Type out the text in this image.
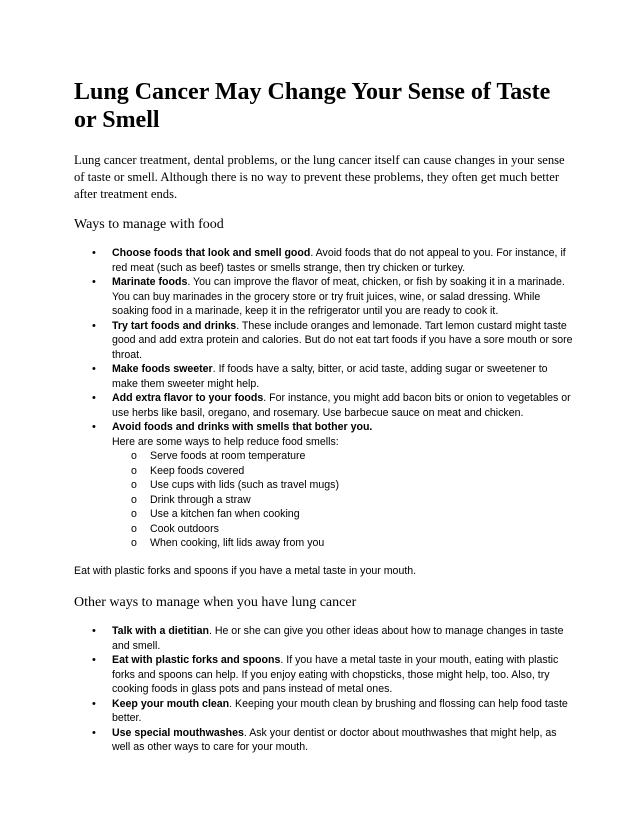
Lung Cancer May Change Your Sense of Taste or Smell

Lung cancer treatment, dental problems, or the lung cancer itself can cause changes in your sense of taste or smell. Although there is no way to prevent these problems, they often get much better after treatment ends.

Ways to manage with food
• Choose foods that look and smell good. Avoid foods that do not appeal to you. For instance, if red meat (such as beef) tastes or smells strange, then try chicken or turkey.
• Marinate foods. You can improve the flavor of meat, chicken, or fish by soaking it in a marinade. You can buy marinades in the grocery store or try fruit juices, wine, or salad dressing. While soaking food in a marinade, keep it in the refrigerator until you are ready to cook it.
• Try tart foods and drinks. These include oranges and lemonade. Tart lemon custard might taste good and add extra protein and calories. But do not eat tart foods if you have a sore mouth or sore throat.
• Make foods sweeter. If foods have a salty, bitter, or acid taste, adding sugar or sweetener to make them sweeter might help.
• Add extra flavor to your foods. For instance, you might add bacon bits or onion to vegetables or use herbs like basil, oregano, and rosemary. Use barbecue sauce on meat and chicken.
• Avoid foods and drinks with smells that bother you.
Here are some ways to help reduce food smells:
o Serve foods at room temperature
o Keep foods covered
o Use cups with lids (such as travel mugs)
o Drink through a straw
o Use a kitchen fan when cooking
o Cook outdoors
o When cooking, lift lids away from you

Eat with plastic forks and spoons if you have a metal taste in your mouth.

Other ways to manage when you have lung cancer
• Talk with a dietitian. He or she can give you other ideas about how to manage changes in taste and smell.
• Eat with plastic forks and spoons. If you have a metal taste in your mouth, eating with plastic forks and spoons can help. If you enjoy eating with chopsticks, those might help, too. Also, try cooking foods in glass pots and pans instead of metal ones.
• Keep your mouth clean. Keeping your mouth clean by brushing and flossing can help food taste better.
• Use special mouthwashes. Ask your dentist or doctor about mouthwashes that might help, as well as other ways to care for your mouth.
